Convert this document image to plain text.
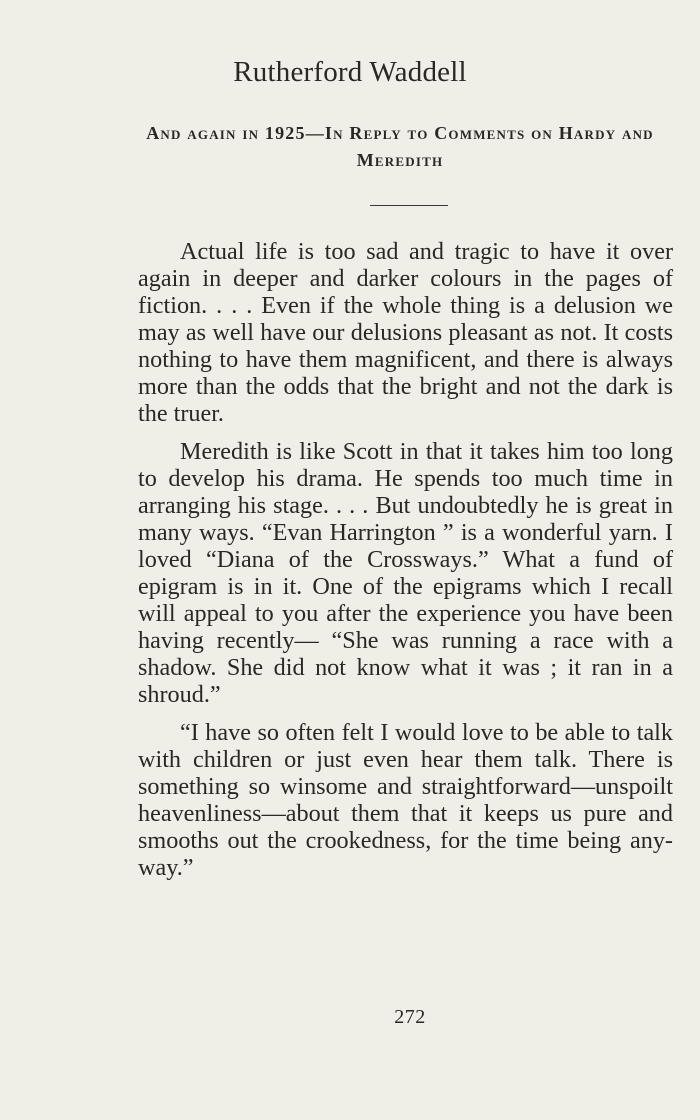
Rutherford Waddell
And again in 1925—In Reply to Comments on Hardy and Meredith

Actual life is too sad and tragic to have it over again in deeper and darker colours in the pages of fiction. . . . Even if the whole thing is a delusion we may as well have our delusions pleasant as not. It costs nothing to have them magnificent, and there is always more than the odds that the bright and not the dark is the truer.

Meredith is like Scott in that it takes him too long to develop his drama. He spends too much time in arranging his stage. . . . But undoubtedly he is great in many ways. “Evan Harrington ” is a wonderful yarn. I loved “Diana of the Crossways.” What a fund of epigram is in it. One of the epigrams which I recall will appeal to you after the experience you have been having recently— “She was running a race with a shadow. She did not know what it was ; it ran in a shroud.”

“I have so often felt I would love to be able to talk with children or just even hear them talk. There is something so winsome and straightforward—unspoilt heavenliness—about them that it keeps us pure and smooths out the crookedness, for the time being any-way.”

272
